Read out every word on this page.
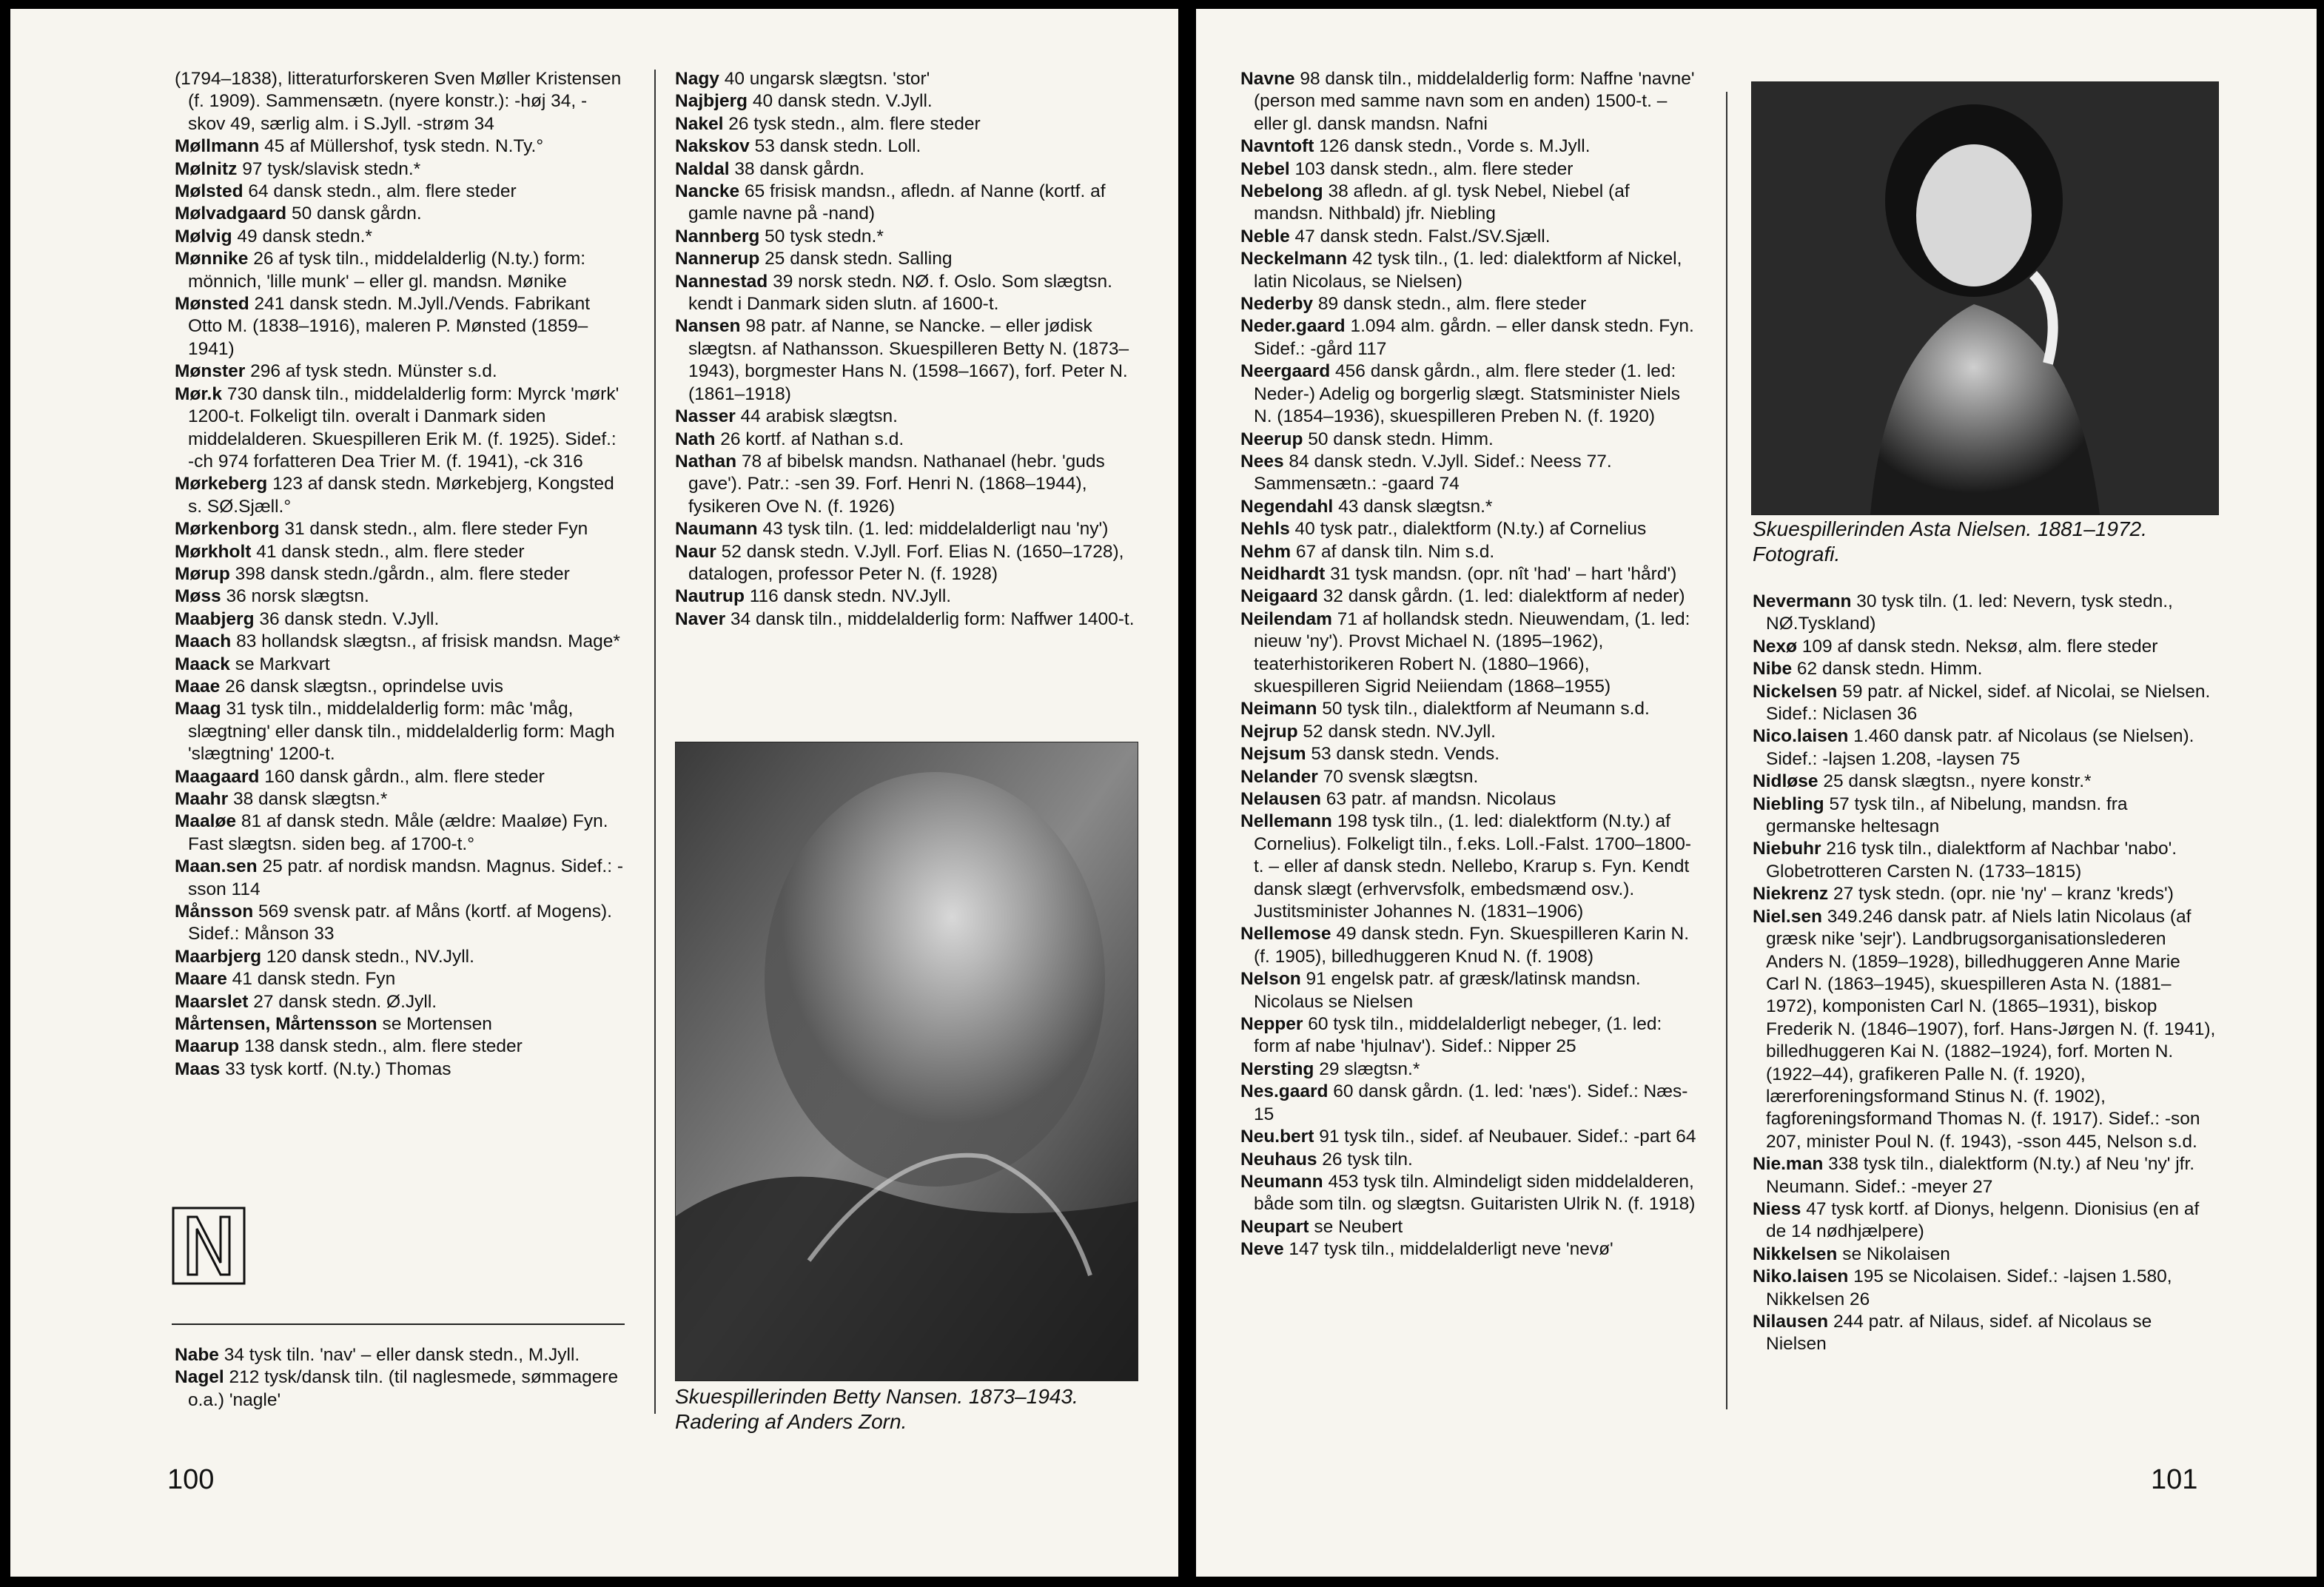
(1794–1838), litteraturforskeren Sven Møller Kristensen (f. 1909). Sammensætn. (nyere konstr.): -høj 34, -skov 49, særlig alm. i S.Jyll. -strøm 34

Møllmann 45 af Müllershof, tysk stedn. N.Ty.°

Mølnitz 97 tysk/slavisk stedn.*

Mølsted 64 dansk stedn., alm. flere steder

Mølvadgaard 50 dansk gårdn.

Mølvig 49 dansk stedn.*

Mønnike 26 af tysk tiln., middelalderlig (N.ty.) form: mönnich, 'lille munk' – eller gl. mandsn. Mønike

Mønsted 241 dansk stedn. M.Jyll./Vends. Fabrikant Otto M. (1838–1916), maleren P. Mønsted (1859–1941)

Mønster 296 af tysk stedn. Münster s.d.

Mør.k 730 dansk tiln., middelalderlig form: Myrck 'mørk' 1200-t. Folkeligt tiln. overalt i Danmark siden middelalderen. Skuespilleren Erik M. (f. 1925). Sidef.: -ch 974 forfatteren Dea Trier M. (f. 1941), -ck 316

Mørkeberg 123 af dansk stedn. Mørkebjerg, Kongsted s. SØ.Sjæll.°

Mørkenborg 31 dansk stedn., alm. flere steder Fyn

Mørkholt 41 dansk stedn., alm. flere steder

Mørup 398 dansk stedn./gårdn., alm. flere steder

Møss 36 norsk slægtsn.

Maabjerg 36 dansk stedn. V.Jyll.

Maach 83 hollandsk slægtsn., af frisisk mandsn. Mage*

Maack se Markvart

Maae 26 dansk slægtsn., oprindelse uvis

Maag 31 tysk tiln., middelalderlig form: mâc 'måg, slægtning' eller dansk tiln., middelalderlig form: Magh 'slægtning' 1200-t.

Maagaard 160 dansk gårdn., alm. flere steder

Maahr 38 dansk slægtsn.*

Maaløe 81 af dansk stedn. Måle (ældre: Maaløe) Fyn. Fast slægtsn. siden beg. af 1700-t.°

Maan.sen 25 patr. af nordisk mandsn. Magnus. Sidef.: -sson 114

Månsson 569 svensk patr. af Måns (kortf. af Mogens). Sidef.: Månson 33

Maarbjerg 120 dansk stedn., NV.Jyll.

Maare 41 dansk stedn. Fyn

Maarslet 27 dansk stedn. Ø.Jyll.

Mårtensen, Mårtensson se Mortensen

Maarup 138 dansk stedn., alm. flere steder

Maas 33 tysk kortf. (N.ty.) Thomas

N

Nabe 34 tysk tiln. 'nav' – eller dansk stedn., M.Jyll.

Nagel 212 tysk/dansk tiln. (til naglesmede, sømmagere o.a.) 'nagle'

Nagy 40 ungarsk slægtsn. 'stor'

Najbjerg 40 dansk stedn. V.Jyll.

Nakel 26 tysk stedn., alm. flere steder

Nakskov 53 dansk stedn. Loll.

Naldal 38 dansk gårdn.

Nancke 65 frisisk mandsn., afledn. af Nanne (kortf. af gamle navne på -nand)

Nannberg 50 tysk stedn.*

Nannerup 25 dansk stedn. Salling

Nannestad 39 norsk stedn. NØ. f. Oslo. Som slægtsn. kendt i Danmark siden slutn. af 1600-t.

Nansen 98 patr. af Nanne, se Nancke. – eller jødisk slægtsn. af Nathansson. Skuespilleren Betty N. (1873–1943), borgmester Hans N. (1598–1667), forf. Peter N. (1861–1918)

Nasser 44 arabisk slægtsn.

Nath 26 kortf. af Nathan s.d.

Nathan 78 af bibelsk mandsn. Nathanael (hebr. 'guds gave'). Patr.: -sen 39. Forf. Henri N. (1868–1944), fysikeren Ove N. (f. 1926)

Naumann 43 tysk tiln. (1. led: middelalderligt nau 'ny')

Naur 52 dansk stedn. V.Jyll. Forf. Elias N. (1650–1728), datalogen, professor Peter N. (f. 1928)

Nautrup 116 dansk stedn. NV.Jyll.

Naver 34 dansk tiln., middelalderlig form: Naffwer 1400-t.

Skuespillerinden Betty Nansen. 1873–1943. Radering af Anders Zorn.
100

Navne 98 dansk tiln., middelalderlig form: Naffne 'navne' (person med samme navn som en anden) 1500-t. – eller gl. dansk mandsn. Nafni

Navntoft 126 dansk stedn., Vorde s. M.Jyll.

Nebel 103 dansk stedn., alm. flere steder

Nebelong 38 afledn. af gl. tysk Nebel, Niebel (af mandsn. Nithbald) jfr. Niebling

Neble 47 dansk stedn. Falst./SV.Sjæll.

Neckelmann 42 tysk tiln., (1. led: dialektform af Nickel, latin Nicolaus, se Nielsen)

Nederby 89 dansk stedn., alm. flere steder

Neder.gaard 1.094 alm. gårdn. – eller dansk stedn. Fyn. Sidef.: -gård 117

Neergaard 456 dansk gårdn., alm. flere steder (1. led: Neder-) Adelig og borgerlig slægt. Statsminister Niels N. (1854–1936), skuespilleren Preben N. (f. 1920)

Neerup 50 dansk stedn. Himm.

Nees 84 dansk stedn. V.Jyll. Sidef.: Neess 77. Sammensætn.: -gaard 74

Negendahl 43 dansk slægtsn.*

Nehls 40 tysk patr., dialektform (N.ty.) af Cornelius

Nehm 67 af dansk tiln. Nim s.d.

Neidhardt 31 tysk mandsn. (opr. nît 'had' – hart 'hård')

Neigaard 32 dansk gårdn. (1. led: dialektform af neder)

Neilendam 71 af hollandsk stedn. Nieuwendam, (1. led: nieuw 'ny'). Provst Michael N. (1895–1962), teaterhistorikeren Robert N. (1880–1966), skuespilleren Sigrid Neiiendam (1868–1955)

Neimann 50 tysk tiln., dialektform af Neumann s.d.

Nejrup 52 dansk stedn. NV.Jyll.

Nejsum 53 dansk stedn. Vends.

Nelander 70 svensk slægtsn.

Nelausen 63 patr. af mandsn. Nicolaus

Nellemann 198 tysk tiln., (1. led: dialektform (N.ty.) af Cornelius). Folkeligt tiln., f.eks. Loll.-Falst. 1700–1800-t. – eller af dansk stedn. Nellebo, Krarup s. Fyn. Kendt dansk slægt (erhvervsfolk, embedsmænd osv.). Justitsminister Johannes N. (1831–1906)

Nellemose 49 dansk stedn. Fyn. Skuespilleren Karin N. (f. 1905), billedhuggeren Knud N. (f. 1908)

Nelson 91 engelsk patr. af græsk/latinsk mandsn. Nicolaus se Nielsen

Nepper 60 tysk tiln., middelalderligt nebeger, (1. led: form af nabe 'hjulnav'). Sidef.: Nipper 25

Nersting 29 slægtsn.*

Nes.gaard 60 dansk gårdn. (1. led: 'næs'). Sidef.: Næs- 15

Neu.bert 91 tysk tiln., sidef. af Neubauer. Sidef.: -part 64

Neuhaus 26 tysk tiln.

Neumann 453 tysk tiln. Almindeligt siden middelalderen, både som tiln. og slægtsn. Guitaristen Ulrik N. (f. 1918)

Neupart se Neubert

Neve 147 tysk tiln., middelalderligt neve 'nevø'

Skuespillerinden Asta Nielsen. 1881–1972. Fotografi.

Nevermann 30 tysk tiln. (1. led: Nevern, tysk stedn., NØ.Tyskland)

Nexø 109 af dansk stedn. Neksø, alm. flere steder

Nibe 62 dansk stedn. Himm.

Nickelsen 59 patr. af Nickel, sidef. af Nicolai, se Nielsen. Sidef.: Niclasen 36

Nico.laisen 1.460 dansk patr. af Nicolaus (se Nielsen). Sidef.: -lajsen 1.208, -laysen 75

Nidløse 25 dansk slægtsn., nyere konstr.*

Niebling 57 tysk tiln., af Nibelung, mandsn. fra germanske heltesagn

Niebuhr 216 tysk tiln., dialektform af Nachbar 'nabo'. Globetrotteren Carsten N. (1733–1815)

Niekrenz 27 tysk stedn. (opr. nie 'ny' – kranz 'kreds')

Niel.sen 349.246 dansk patr. af Niels latin Nicolaus (af græsk nike 'sejr'). Landbrugsorganisationslederen Anders N. (1859–1928), billedhuggeren Anne Marie Carl N. (1863–1945), skuespilleren Asta N. (1881–1972), komponisten Carl N. (1865–1931), biskop Frederik N. (1846–1907), forf. Hans-Jørgen N. (f. 1941), billedhuggeren Kai N. (1882–1924), forf. Morten N. (1922–44), grafikeren Palle N. (f. 1920), lærerforeningsformand Stinus N. (f. 1902), fagforeningsformand Thomas N. (f. 1917). Sidef.: -son 207, minister Poul N. (f. 1943), -sson 445, Nelson s.d.

Nie.man 338 tysk tiln., dialektform (N.ty.) af Neu 'ny' jfr. Neumann. Sidef.: -meyer 27

Niess 47 tysk kortf. af Dionys, helgenn. Dionisius (en af de 14 nødhjælpere)

Nikkelsen se Nikolaisen

Niko.laisen 195 se Nicolaisen. Sidef.: -lajsen 1.580, Nikkelsen 26

Nilausen 244 patr. af Nilaus, sidef. af Nicolaus se Nielsen

101
